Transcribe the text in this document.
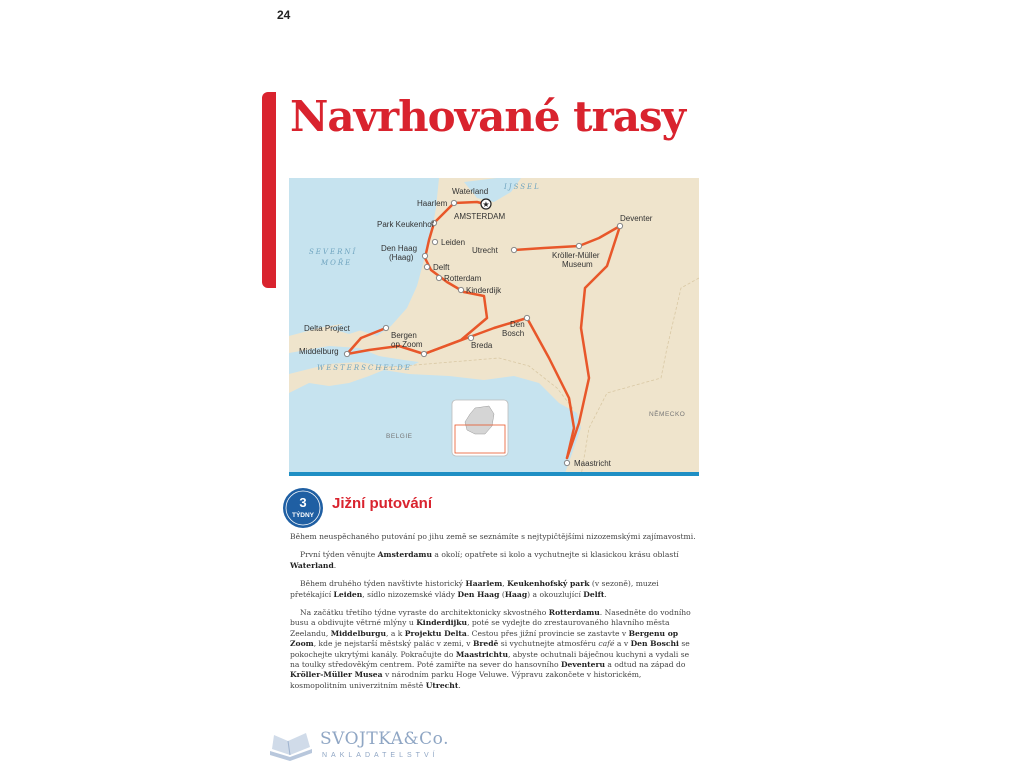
24
Navrhované trasy
★
Waterland
Haarlem
AMSTERDAM
Park Keukenhof
Leiden
Den Haag
(Haag)
Delft
Rotterdam
Kinderdijk
Utrecht
Kröller-Müller
Museum
Deventer
Delta Project
Middelburg
Bergen
op Zoom
Den
Bosch
Breda
Maastricht
SEVERNÍ
MOŘE
IJSSEL
WESTERSCHELDE
NĚMECKO
BELGIE
3
TÝDNY
Jižní putování

Během neuspěchaného putování po jihu země se seznámíte s nejtypičtějšími nizozemskými zajímavostmi.

První týden věnujte Amsterdamu a okolí; opatřete si kolo a vychutnejte si klasickou krásu oblastí Waterland.

Během druhého týden navštivte historický Haarlem, Keukenhofský park (v sezoně), muzei přetékající Leiden, sídlo nizozemské vlády Den Haag (Haag) a okouzlující Delft.

Na začátku třetího týdne vyraste do architektonicky skvostného Rotterdamu. Nasedněte do vodního busu a obdivujte větrné mlýny u Kinderdijku, poté se vydejte do zrestaurovaného hlavního města Zeelandu, Middelburgu, a k Projektu Delta. Cestou přes jižní provincie se zastavte v Bergenu op Zoom, kde je nejstarší městský palác v zemi, v Bredě si vychutnejte atmosféru café a v Den Boschi se pokochejte ukrytými kanály. Pokračujte do Maastrichtu, abyste ochutnali báječnou kuchyni a vydali se na toulky středověkým centrem. Poté zamiřte na sever do hansovního Deventeru a odtud na západ do Kröller-Müller Musea v národním parku Hoge Veluwe. Výpravu zakončete v historickém, kosmopolitním univerzitním městě Utrecht.

SVOJTKA&Co.
NAKLADATELSTVÍ
